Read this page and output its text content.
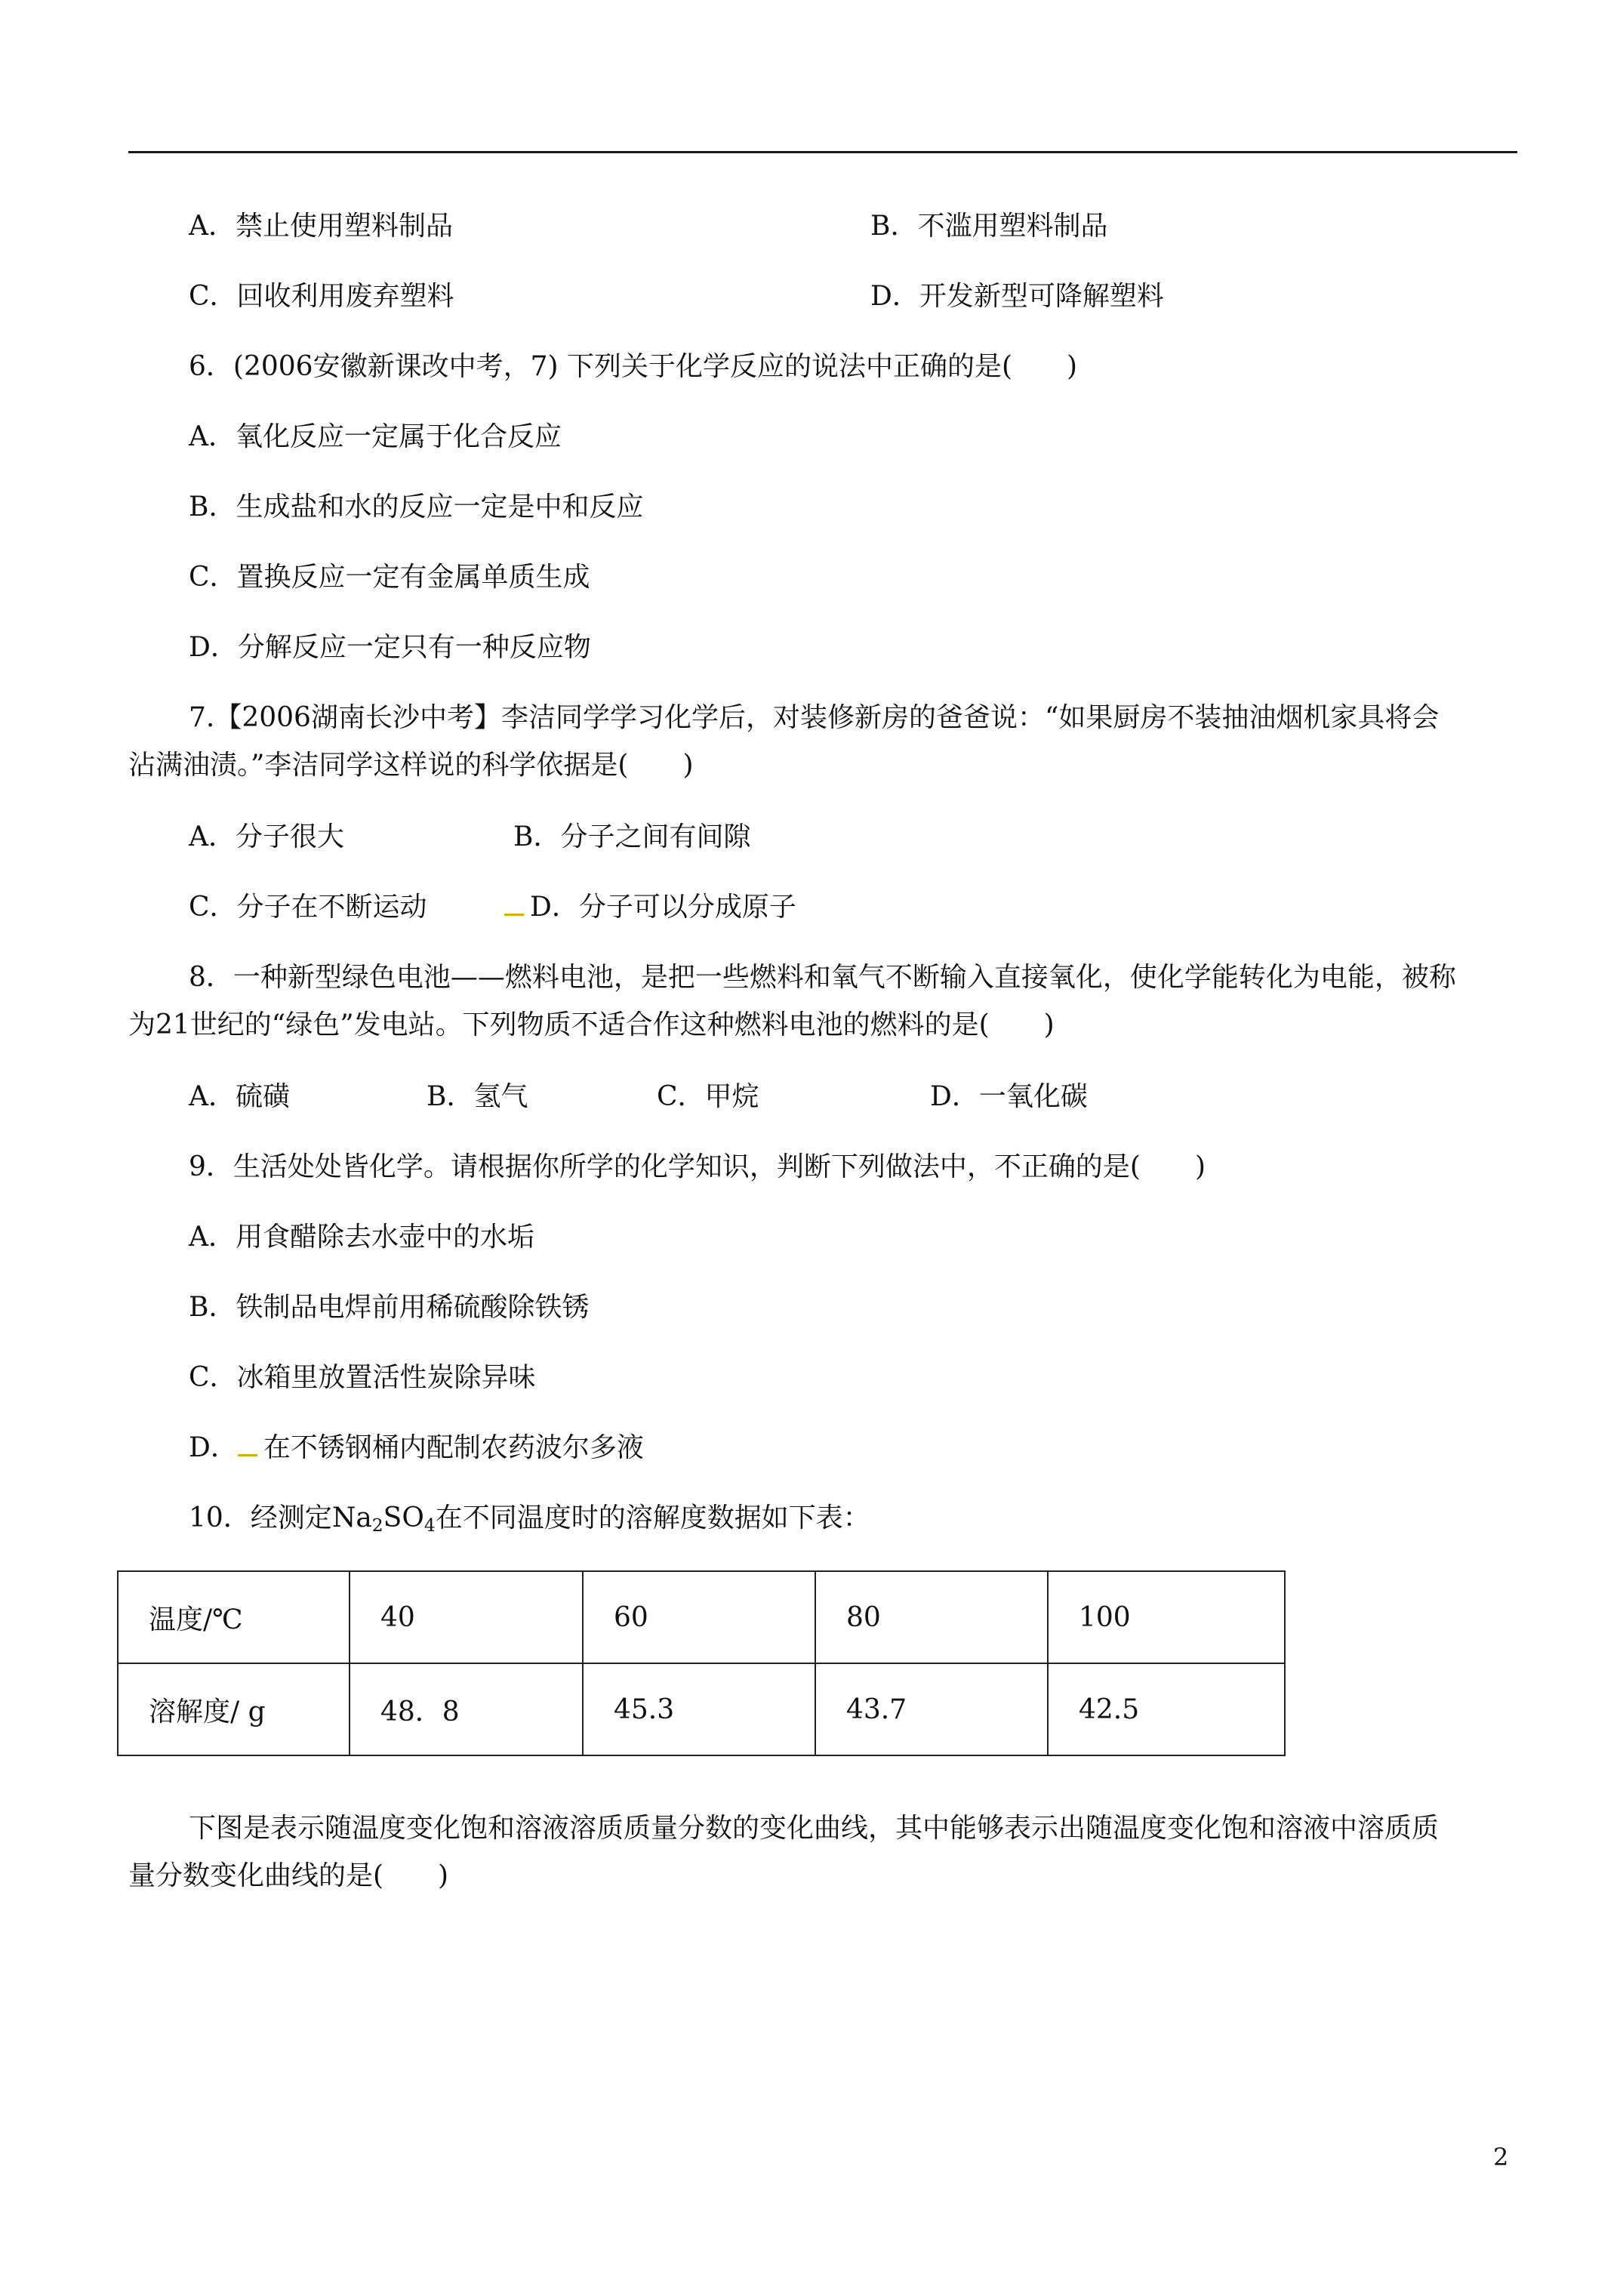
A．禁止使用塑料制品	B．不滥用塑料制品
C．回收利用废弃塑料	D．开发新型可降解塑料
6．(2006安徽新课改中考，7) 下列关于化学反应的说法中正确的是(　　)
A．氧化反应一定属于化合反应
B．生成盐和水的反应一定是中和反应
C．置换反应一定有金属单质生成
D．分解反应一定只有一种反应物
7.【2006湖南长沙中考】李洁同学学习化学后，对装修新房的爸爸说：“如果厨房不装抽油烟机家具将会
沾满油渍。”李洁同学这样说的科学依据是(　　)
A．分子很大	B．分子之间有间隙
C．分子在不断运动	D．分子可以分成原子
8．一种新型绿色电池——燃料电池，是把一些燃料和氧气不断输入直接氧化，使化学能转化为电能，被称
为21世纪的“绿色”发电站。下列物质不适合作这种燃料电池的燃料的是(　　)
A．硫磺	B．氢气	C．甲烷	D．一氧化碳
9．生活处处皆化学。请根据你所学的化学知识，判断下列做法中，不正确的是(　　)
A．用食醋除去水壶中的水垢
B．铁制品电焊前用稀硫酸除铁锈
C．冰箱里放置活性炭除异味
D． 在不锈钢桶内配制农药波尔多液
10．经测定$Na_2SO_4$在不同温度时的溶解度数据如下表：
温度/℃	40	60	80	100
溶解度/ g	48．8	45.3	43.7	42.5
下图是表示随温度变化饱和溶液溶质质量分数的变化曲线，其中能够表示出随温度变化饱和溶液中溶质质
量分数变化曲线的是(　　)
2
